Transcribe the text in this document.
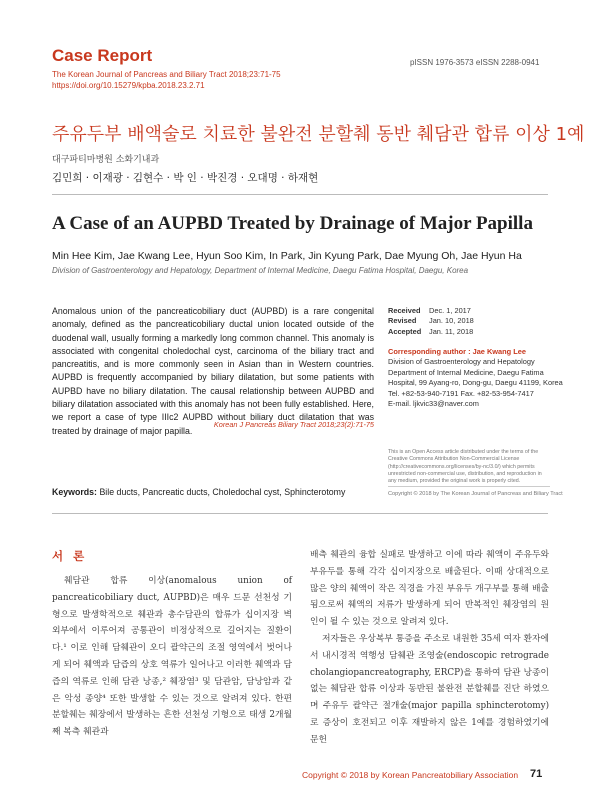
Case Report
The Korean Journal of Pancreas and Biliary Tract 2018;23:71-75
https://doi.org/10.15279/kpba.2018.23.2.71
pISSN 1976-3573 eISSN 2288-0941
주유두부 배액술로 치료한 불완전 분할췌 동반 췌담관 합류 이상 1예
대구파티마병원 소화기내과
김민희 · 이재광 · 김현수 · 박 인 · 박진경 · 오대명 · 하재현
A Case of an AUPBD Treated by Drainage of Major Papilla
Min Hee Kim, Jae Kwang Lee, Hyun Soo Kim, In Park, Jin Kyung Park, Dae Myung Oh, Jae Hyun Ha
Division of Gastroenterology and Hepatology, Department of Internal Medicine, Daegu Fatima Hospital, Daegu, Korea
Anomalous union of the pancreaticobiliary duct (AUPBD) is a rare congenital anomaly, defined as the pancreaticobiliary ductal union located outside of the duodenal wall, usually forming a markedly long common channel. This anomaly is associated with congenital choledochal cyst, carcinoma of the biliary tract and pancreatitis, and is more commonly seen in Asian than in Western countries. AUPBD is frequently accompanied by biliary dilatation, but some patients with AUPBD have no biliary dilatation. The causal relationship between AUPBD and biliary dilatation associated with this anomaly has not been fully established. Here, we report a case of type IIIc2 AUPBD without biliary duct dilatation that was treated by drainage of major papilla.
Korean J Pancreas Biliary Tract 2018;23(2):71-75
Keywords: Bile ducts, Pancreatic ducts, Choledochal cyst, Sphincterotomy
Received Dec. 1, 2017
Revised Jan. 10, 2018
Accepted Jan. 11, 2018
Corresponding author : Jae Kwang Lee
Division of Gastroenterology and Hepatology
Department of Internal Medicine, Daegu Fatima
Hospital, 99 Ayang-ro, Dong-gu, Daegu 41199, Korea
Tel. +82-53-940-7191 Fax. +82-53-954-7417
E-mail. ljkvic33@naver.com
This is an Open Access article distributed under the terms of the Creative Commons Attribution Non-Commercial License (http://creativecommons.org/licenses/by-nc/3.0/) which permits unrestricted non-commercial use, distribution, and reproduction in any medium, provided the original work is properly cited.
Copyright © 2018 by The Korean Journal of Pancreas and Biliary Tract
서 론

췌담관 합류 이상(anomalous union of pancreaticobiliary duct, AUPBD)은 매우 드문 선천성 기형으로 발생학적으로 췌관과 총수담관의 합류가 십이지장 벽 외부에서 이루어져 공통관이 비정상적으로 길어지는 질환이다.¹ 이로 인해 담췌관이 오디 괄약근의 조절 영역에서 벗어나게 되어 췌액과 담즙의 상호 역류가 일어나고 이러한 췌액과 담즙의 역류로 인해 담관 낭종,² 췌장염³ 및 담관암, 담낭암과 같은 악성 종양⁴ 또한 발생할 수 있는 것으로 알려져 있다. 한편 분할췌는 췌장에서 발생하는 흔한 선천성 기형으로 태생 2개월째 복측 췌관과

배측 췌관의 융합 실패로 발생하고 이에 따라 췌액이 주유두와 부유두를 통해 각각 십이지장으로 배출된다. 이때 상대적으로 많은 양의 췌액이 작은 직경을 가진 부유두 개구부를 통해 배출됨으로써 췌액의 저류가 발생하게 되어 반복적인 췌장염의 원인이 될 수 있는 것으로 알려져 있다.

저자들은 우상복부 통증을 주소로 내원한 35세 여자 환자에서 내시경적 역행성 담췌관 조영술(endoscopic retrograde cholangiopancreatography, ERCP)을 통하여 담관 낭종이 없는 췌담관 합류 이상과 동반된 불완전 분할췌를 진단 하였으며 주유두 괄약근 절개술(major papilla sphincterotomy)로 증상이 호전되고 이후 재발하지 않은 1예를 경험하였기에 문헌

Copyright © 2018 by Korean Pancreatobiliary Association 71
